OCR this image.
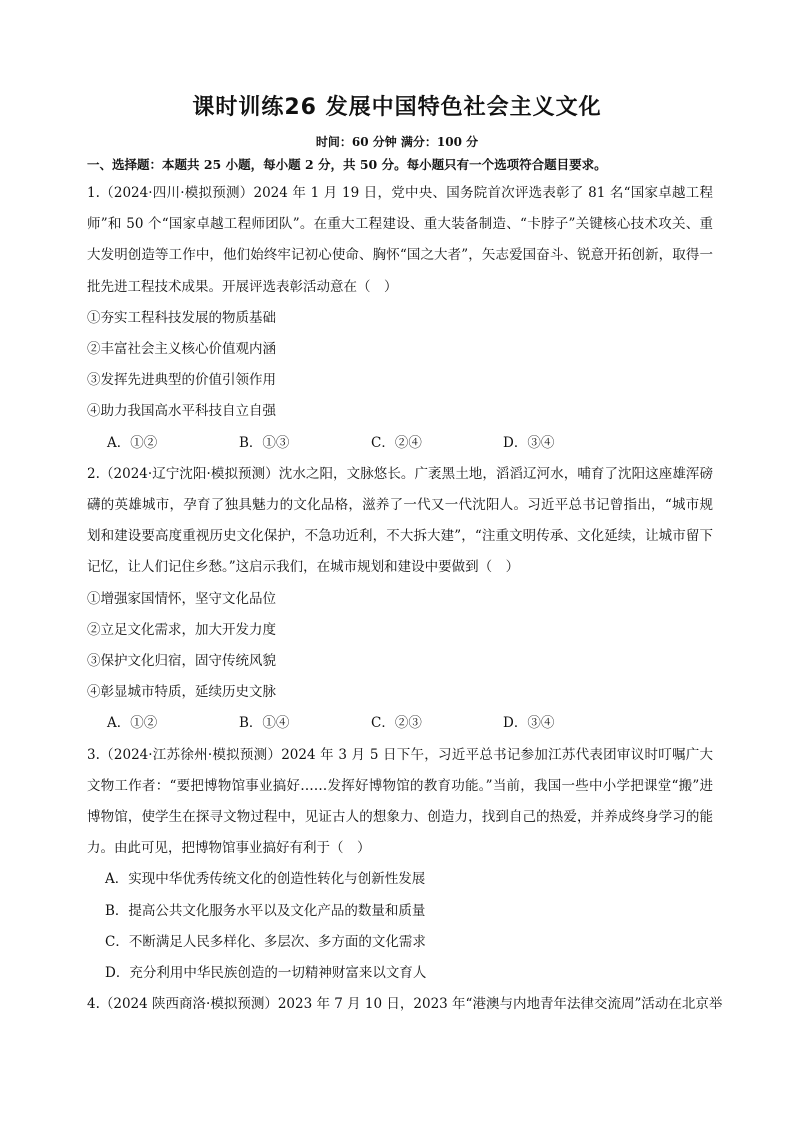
课时训练26 发展中国特色社会主义文化
时间：60 分钟 满分：100 分
一、选择题：本题共 25 小题，每小题 2 分，共 50 分。每小题只有一个选项符合题目要求。
1.（2024·四川·模拟预测）2024 年 1 月 19 日，党中央、国务院首次评选表彰了 81 名“国家卓越工程师”和 50 个“国家卓越工程师团队”。在重大工程建设、重大装备制造、“卡脖子”关键核心技术攻关、重大发明创造等工作中，他们始终牢记初心使命、胸怀“国之大者”，矢志爱国奋斗、锐意开拓创新，取得一批先进工程技术成果。开展评选表彰活动意在（　）
①夯实工程科技发展的物质基础
②丰富社会主义核心价值观内涵
③发挥先进典型的价值引领作用
④助力我国高水平科技自立自强
A．①②	B．①③	C．②④	D．③④
2.（2024·辽宁沈阳·模拟预测）沈水之阳，文脉悠长。广袤黑土地，滔滔辽河水，哺育了沈阳这座雄浑磅礴的英雄城市，孕育了独具魅力的文化品格，滋养了一代又一代沈阳人。习近平总书记曾指出，“城市规划和建设要高度重视历史文化保护，不急功近利，不大拆大建”，“注重文明传承、文化延续，让城市留下记忆，让人们记住乡愁。”这启示我们，在城市规划和建设中要做到（　）
①增强家国情怀，坚守文化品位
②立足文化需求，加大开发力度
③保护文化归宿，固守传统风貌
④彰显城市特质，延续历史文脉
A．①②	B．①④	C．②③	D．③④
3.（2024·江苏徐州·模拟预测）2024 年 3 月 5 日下午，习近平总书记参加江苏代表团审议时叮嘱广大文物工作者：“要把博物馆事业搞好……发挥好博物馆的教育功能。”当前，我国一些中小学把课堂“搬”进博物馆，使学生在探寻文物过程中，见证古人的想象力、创造力，找到自己的热爱，并养成终身学习的能力。由此可见，把博物馆事业搞好有利于（　）
A．实现中华优秀传统文化的创造性转化与创新性发展
B．提高公共文化服务水平以及文化产品的数量和质量
C．不断满足人民多样化、多层次、多方面的文化需求
D．充分利用中华民族创造的一切精神财富来以文育人
4.（2024 陕西商洛·模拟预测）2023 年 7 月 10 日，2023 年“港澳与内地青年法律交流周”活动在北京举
